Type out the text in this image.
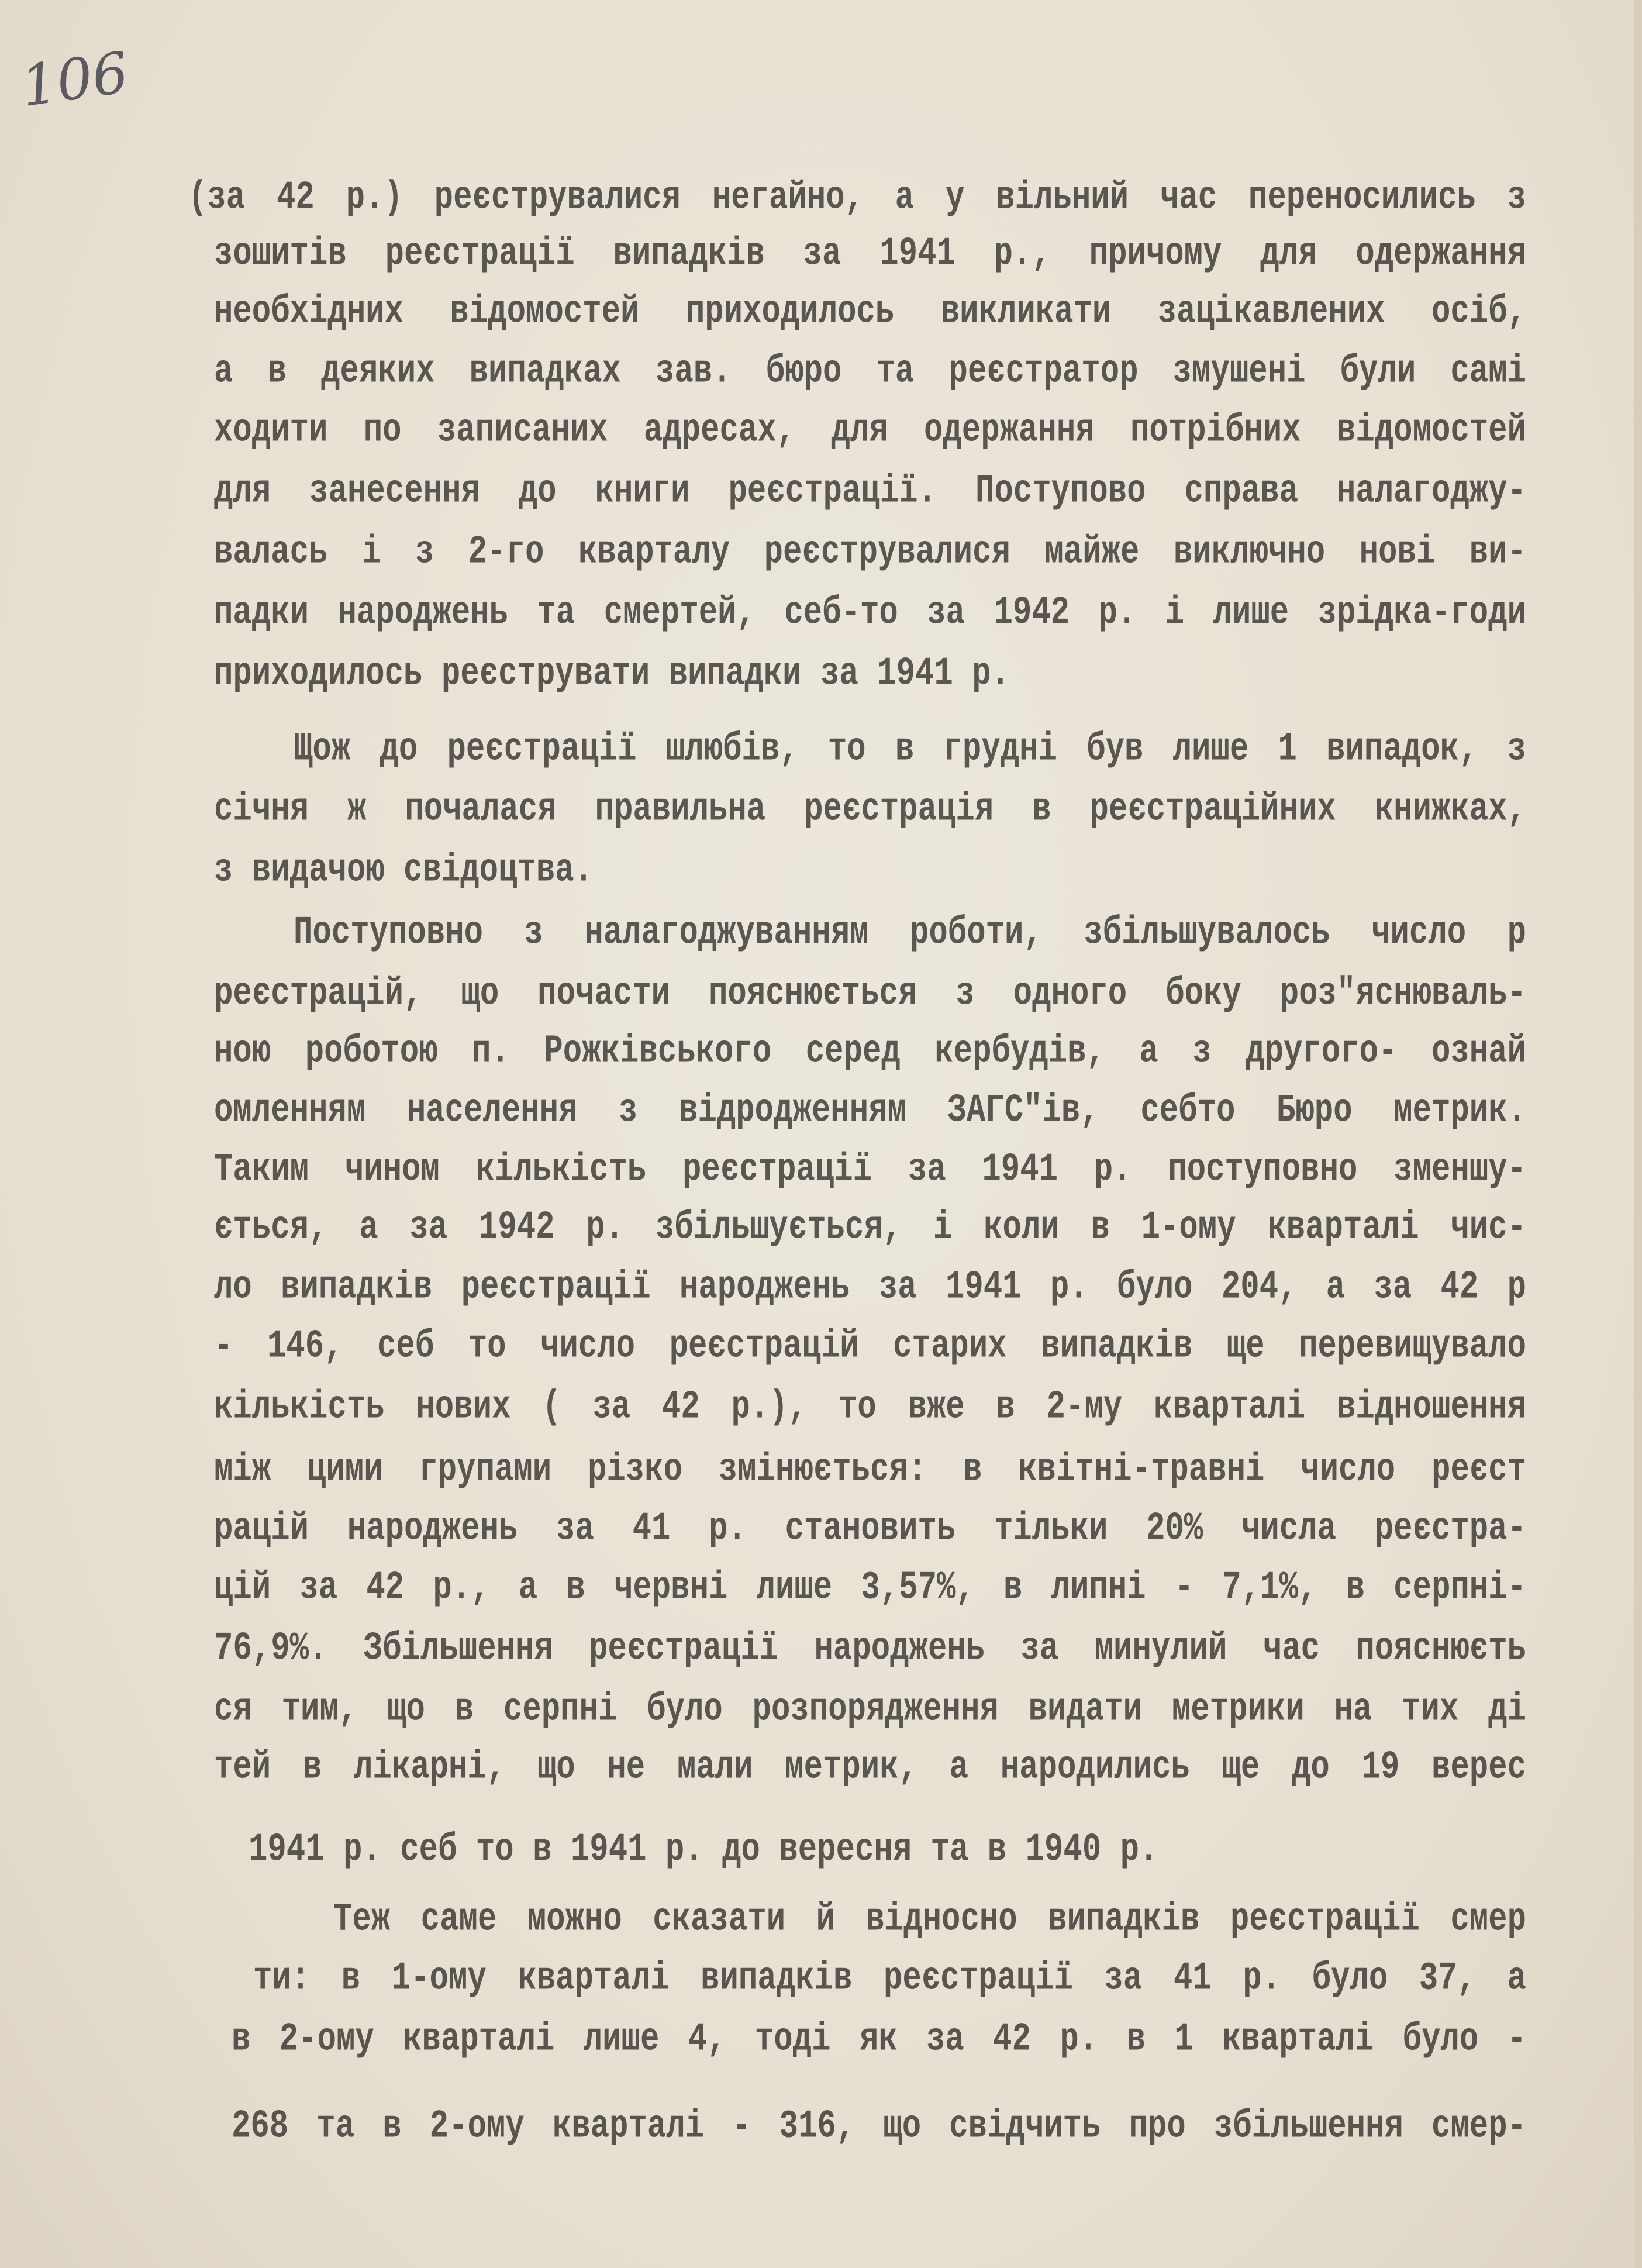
106
(за 42 р.) реєструвалися негайно, а у вільний час переносились з
зошитів реєстрації випадків за 1941 р., причому для одержання
необхідних відомостей приходилось викликати зацікавлених осіб,
а в деяких випадках зав. бюро та реєстратор змушені були самі
ходити по записаних адресах, для одержання потрібних відомостей
для занесення до книги реєстрації. Поступово справа налагоджу-
валась і з 2-го кварталу реєструвалися майже виключно нові ви-
падки народжень та смертей, себ-то за 1942 р. і лише зрідка-годи
приходилось реєструвати випадки за 1941 р.
Щож до реєстрації шлюбів, то в грудні був лише 1 випадок, з
січня ж почалася правильна реєстрація в реєстраційних книжках,
з видачою свідоцтва.
Поступовно з налагоджуванням роботи, збільшувалось число р
реєстрацій, що почасти пояснюється з одного боку роз"яснюваль-
ною роботою п. Рожківського серед кербудів, а з другого- ознай
омленням населення з відродженням ЗАГС"ів, себто Бюро метрик.
Таким чином кількість реєстрації за 1941 р. поступовно зменшу-
ється, а за 1942 р. збільшується, і коли в 1-ому кварталі чис-
ло випадків реєстрації народжень за 1941 р. було 204, а за 42 р
- 146, себ то число реєстрацій старих випадків ще перевищувало
кількість нових ( за 42 р.), то вже в 2-му кварталі відношення
між цими групами різко змінюється: в квітні-травні число реєст
рацій народжень за 41 р. становить тільки 20% числа реєстра-
цій за 42 р., а в червні лише 3,57%, в липні - 7,1%, в серпні-
76,9%. Збільшення реєстрації народжень за минулий час пояснюєть
ся тим, що в серпні було розпорядження видати метрики на тих ді
тей в лікарні, що не мали метрик, а народились ще до 19 верес
1941 р. себ то в 1941 р. до вересня та в 1940 р.
Теж саме можно сказати й відносно випадків реєстрації смер
ти: в 1-ому кварталі випадків реєстрації за 41 р. було 37, а
в 2-ому кварталі лише 4, тоді як за 42 р. в 1 кварталі було -
268 та в 2-ому кварталі - 316, що свідчить про збільшення смер-
